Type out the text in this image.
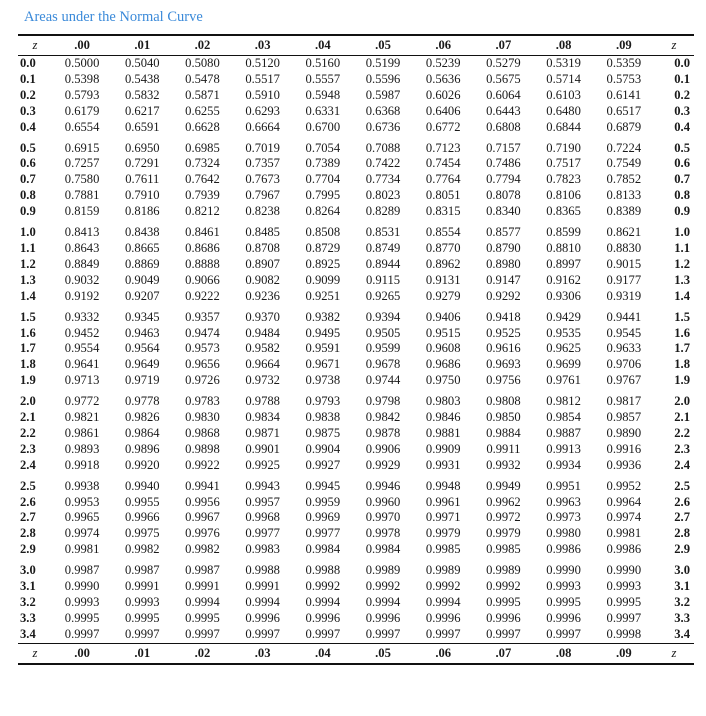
Areas under the Normal Curve
z	.00	.01	.02	.03	.04	.05	.06	.07	.08	.09	z
0.0	0.5000	0.5040	0.5080	0.5120	0.5160	0.5199	0.5239	0.5279	0.5319	0.5359	0.0
0.1	0.5398	0.5438	0.5478	0.5517	0.5557	0.5596	0.5636	0.5675	0.5714	0.5753	0.1
0.2	0.5793	0.5832	0.5871	0.5910	0.5948	0.5987	0.6026	0.6064	0.6103	0.6141	0.2
0.3	0.6179	0.6217	0.6255	0.6293	0.6331	0.6368	0.6406	0.6443	0.6480	0.6517	0.3
0.4	0.6554	0.6591	0.6628	0.6664	0.6700	0.6736	0.6772	0.6808	0.6844	0.6879	0.4
0.5	0.6915	0.6950	0.6985	0.7019	0.7054	0.7088	0.7123	0.7157	0.7190	0.7224	0.5
0.6	0.7257	0.7291	0.7324	0.7357	0.7389	0.7422	0.7454	0.7486	0.7517	0.7549	0.6
0.7	0.7580	0.7611	0.7642	0.7673	0.7704	0.7734	0.7764	0.7794	0.7823	0.7852	0.7
0.8	0.7881	0.7910	0.7939	0.7967	0.7995	0.8023	0.8051	0.8078	0.8106	0.8133	0.8
0.9	0.8159	0.8186	0.8212	0.8238	0.8264	0.8289	0.8315	0.8340	0.8365	0.8389	0.9
1.0	0.8413	0.8438	0.8461	0.8485	0.8508	0.8531	0.8554	0.8577	0.8599	0.8621	1.0
1.1	0.8643	0.8665	0.8686	0.8708	0.8729	0.8749	0.8770	0.8790	0.8810	0.8830	1.1
1.2	0.8849	0.8869	0.8888	0.8907	0.8925	0.8944	0.8962	0.8980	0.8997	0.9015	1.2
1.3	0.9032	0.9049	0.9066	0.9082	0.9099	0.9115	0.9131	0.9147	0.9162	0.9177	1.3
1.4	0.9192	0.9207	0.9222	0.9236	0.9251	0.9265	0.9279	0.9292	0.9306	0.9319	1.4
1.5	0.9332	0.9345	0.9357	0.9370	0.9382	0.9394	0.9406	0.9418	0.9429	0.9441	1.5
1.6	0.9452	0.9463	0.9474	0.9484	0.9495	0.9505	0.9515	0.9525	0.9535	0.9545	1.6
1.7	0.9554	0.9564	0.9573	0.9582	0.9591	0.9599	0.9608	0.9616	0.9625	0.9633	1.7
1.8	0.9641	0.9649	0.9656	0.9664	0.9671	0.9678	0.9686	0.9693	0.9699	0.9706	1.8
1.9	0.9713	0.9719	0.9726	0.9732	0.9738	0.9744	0.9750	0.9756	0.9761	0.9767	1.9
2.0	0.9772	0.9778	0.9783	0.9788	0.9793	0.9798	0.9803	0.9808	0.9812	0.9817	2.0
2.1	0.9821	0.9826	0.9830	0.9834	0.9838	0.9842	0.9846	0.9850	0.9854	0.9857	2.1
2.2	0.9861	0.9864	0.9868	0.9871	0.9875	0.9878	0.9881	0.9884	0.9887	0.9890	2.2
2.3	0.9893	0.9896	0.9898	0.9901	0.9904	0.9906	0.9909	0.9911	0.9913	0.9916	2.3
2.4	0.9918	0.9920	0.9922	0.9925	0.9927	0.9929	0.9931	0.9932	0.9934	0.9936	2.4
2.5	0.9938	0.9940	0.9941	0.9943	0.9945	0.9946	0.9948	0.9949	0.9951	0.9952	2.5
2.6	0.9953	0.9955	0.9956	0.9957	0.9959	0.9960	0.9961	0.9962	0.9963	0.9964	2.6
2.7	0.9965	0.9966	0.9967	0.9968	0.9969	0.9970	0.9971	0.9972	0.9973	0.9974	2.7
2.8	0.9974	0.9975	0.9976	0.9977	0.9977	0.9978	0.9979	0.9979	0.9980	0.9981	2.8
2.9	0.9981	0.9982	0.9982	0.9983	0.9984	0.9984	0.9985	0.9985	0.9986	0.9986	2.9
3.0	0.9987	0.9987	0.9987	0.9988	0.9988	0.9989	0.9989	0.9989	0.9990	0.9990	3.0
3.1	0.9990	0.9991	0.9991	0.9991	0.9992	0.9992	0.9992	0.9992	0.9993	0.9993	3.1
3.2	0.9993	0.9993	0.9994	0.9994	0.9994	0.9994	0.9994	0.9995	0.9995	0.9995	3.2
3.3	0.9995	0.9995	0.9995	0.9996	0.9996	0.9996	0.9996	0.9996	0.9996	0.9997	3.3
3.4	0.9997	0.9997	0.9997	0.9997	0.9997	0.9997	0.9997	0.9997	0.9997	0.9998	3.4
z	.00	.01	.02	.03	.04	.05	.06	.07	.08	.09	z
